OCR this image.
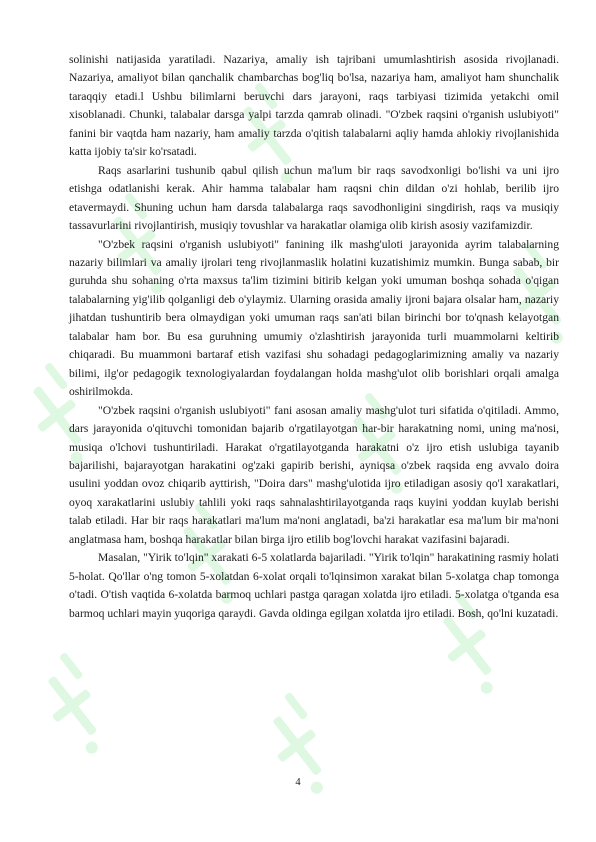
solinishi natijasida yaratiladi. Nazariya, amaliy ish tajribani umumlashtirish asosida rivojlanadi. Nazariya, amaliyot bilan qanchalik chambarchas bog'liq bo'lsa, nazariya ham, amaliyot ham shunchalik taraqqiy etadi.l Ushbu bilimlarni beruvchi dars jarayoni, raqs tarbiyasi tizimida yetakchi omil xisoblanadi. Chunki, talabalar darsga yalpi tarzda qamrab olinadi. "O'zbek raqsini o'rganish uslubiyoti" fanini bir vaqtda ham nazariy, ham amaliy tarzda o'qitish talabalarni aqliy hamda ahlokiy rivojlanishida katta ijobiy ta'sir ko'rsatadi.

Raqs asarlarini tushunib qabul qilish uchun ma'lum bir raqs savodxonligi bo'lishi va uni ijro etishga odatlanishi kerak. Ahir hamma talabalar ham raqsni chin dildan o'zi hohlab, berilib ijro etavermaydi. Shuning uchun ham darsda talabalarga raqs savodhonligini singdirish, raqs va musiqiy tassavurlarini rivojlantirish, musiqiy tovushlar va harakatlar olamiga olib kirish asosiy vazifamizdir.

"O'zbek raqsini o'rganish uslubiyoti" fanining ilk mashg'uloti jarayonida ayrim talabalarning nazariy bilimlari va amaliy ijrolari teng rivojlanmaslik holatini kuzatishimiz mumkin. Bunga sabab, bir guruhda shu sohaning o'rta maxsus ta'lim tizimini bitirib kelgan yoki umuman boshqa sohada o'qigan talabalarning yig'ilib qolganligi deb o'ylaymiz. Ularning orasida amaliy ijroni bajara olsalar ham, nazariy jihatdan tushuntirib bera olmaydigan yoki umuman raqs san'ati bilan birinchi bor to'qnash kelayotgan talabalar ham bor. Bu esa guruhning umumiy o'zlashtirish jarayonida turli muammolarni keltirib chiqaradi. Bu muammoni bartaraf etish vazifasi shu sohadagi pedagoglarimizning amaliy va nazariy bilimi, ilg'or pedagogik texnologiyalardan foydalangan holda mashg'ulot olib borishlari orqali amalga oshirilmokda.

"O'zbek raqsini o'rganish uslubiyoti" fani asosan amaliy mashg'ulot turi sifatida o'qitiladi. Ammo, dars jarayonida o'qituvchi tomonidan bajarib o'rgatilayotgan har-bir harakatning nomi, uning ma'nosi, musiqa o'lchovi tushuntiriladi. Harakat o'rgatilayotganda harakatni o'z ijro etish uslubiga tayanib bajarilishi, bajarayotgan harakatini og'zaki gapirib berishi, ayniqsa o'zbek raqsida eng avvalo doira usulini yoddan ovoz chiqarib ayttirish, "Doira dars" mashg'ulotida ijro etiladigan asosiy qo'l xarakatlari, oyoq xarakatlarini uslubiy tahlili yoki raqs sahnalashtirilayotganda raqs kuyini yoddan kuylab berishi talab etiladi. Har bir raqs harakatlari ma'lum ma'noni anglatadi, ba'zi harakatlar esa ma'lum bir ma'noni anglatmasa ham, boshqa harakatlar bilan birga ijro etilib bog'lovchi harakat vazifasini bajaradi.

Masalan, "Yirik to'lqin" xarakati 6-5 xolatlarda bajariladi. "Yirik to'lqin" harakatining rasmiy holati 5-holat. Qo'llar o'ng tomon 5-xolatdan 6-xolat orqali to'lqinsimon xarakat bilan 5-xolatga chap tomonga o'tadi. O'tish vaqtida 6-xolatda barmoq uchlari pastga qaragan xolatda ijro etiladi. 5-xolatga o'tganda esa barmoq uchlari mayin yuqoriga qaraydi. Gavda oldinga egilgan xolatda ijro etiladi. Bosh, qo'lni kuzatadi.

4
